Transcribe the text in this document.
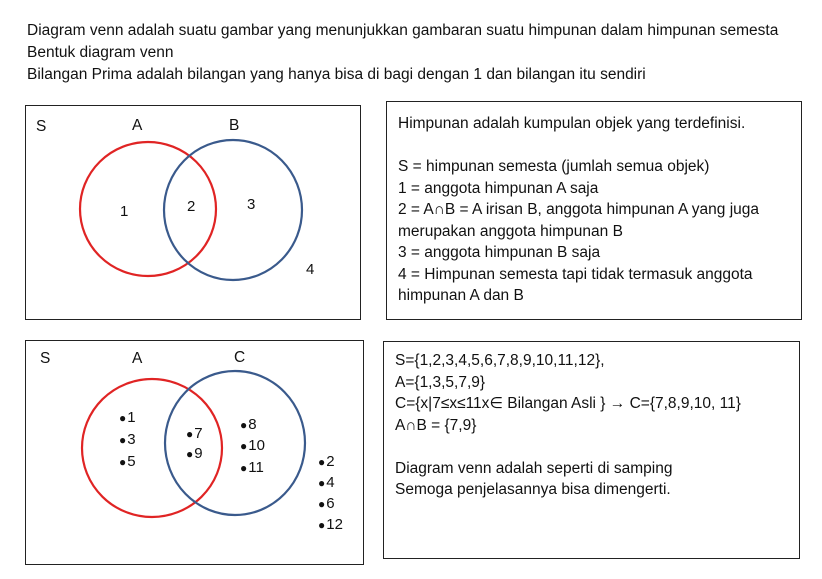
Diagram venn adalah suatu gambar yang menunjukkan gambaran suatu himpunan dalam himpunan semesta
Bentuk diagram venn
Bilangan Prima adalah bilangan yang hanya bisa di bagi dengan 1 dan bilangan itu sendiri
S	A	B
1	2	3
4
Himpunan adalah kumpulan objek yang terdefinisi.
S = himpunan semesta (jumlah semua objek)
1 = anggota himpunan A saja
2 = A∩B = A irisan B, anggota himpunan A yang juga
merupakan anggota himpunan B
3 = anggota himpunan B saja
4 = Himpunan semesta tapi tidak termasuk anggota
himpunan A dan B
S	A	C
● 1
● 3
● 5
● 7
● 9
● 8
● 10
● 11
●	2
● 4
● 6
● 12
S={1,2,3,4,5,6,7,8,9,10,11,12},
A={1,3,5,7,9}
C={x|7≤x≤11x∈ Bilangan Asli } → C={7,8,9,10, 11}
A∩B = {7,9}
Diagram venn adalah seperti di samping
Semoga penjelasannya bisa dimengerti.
